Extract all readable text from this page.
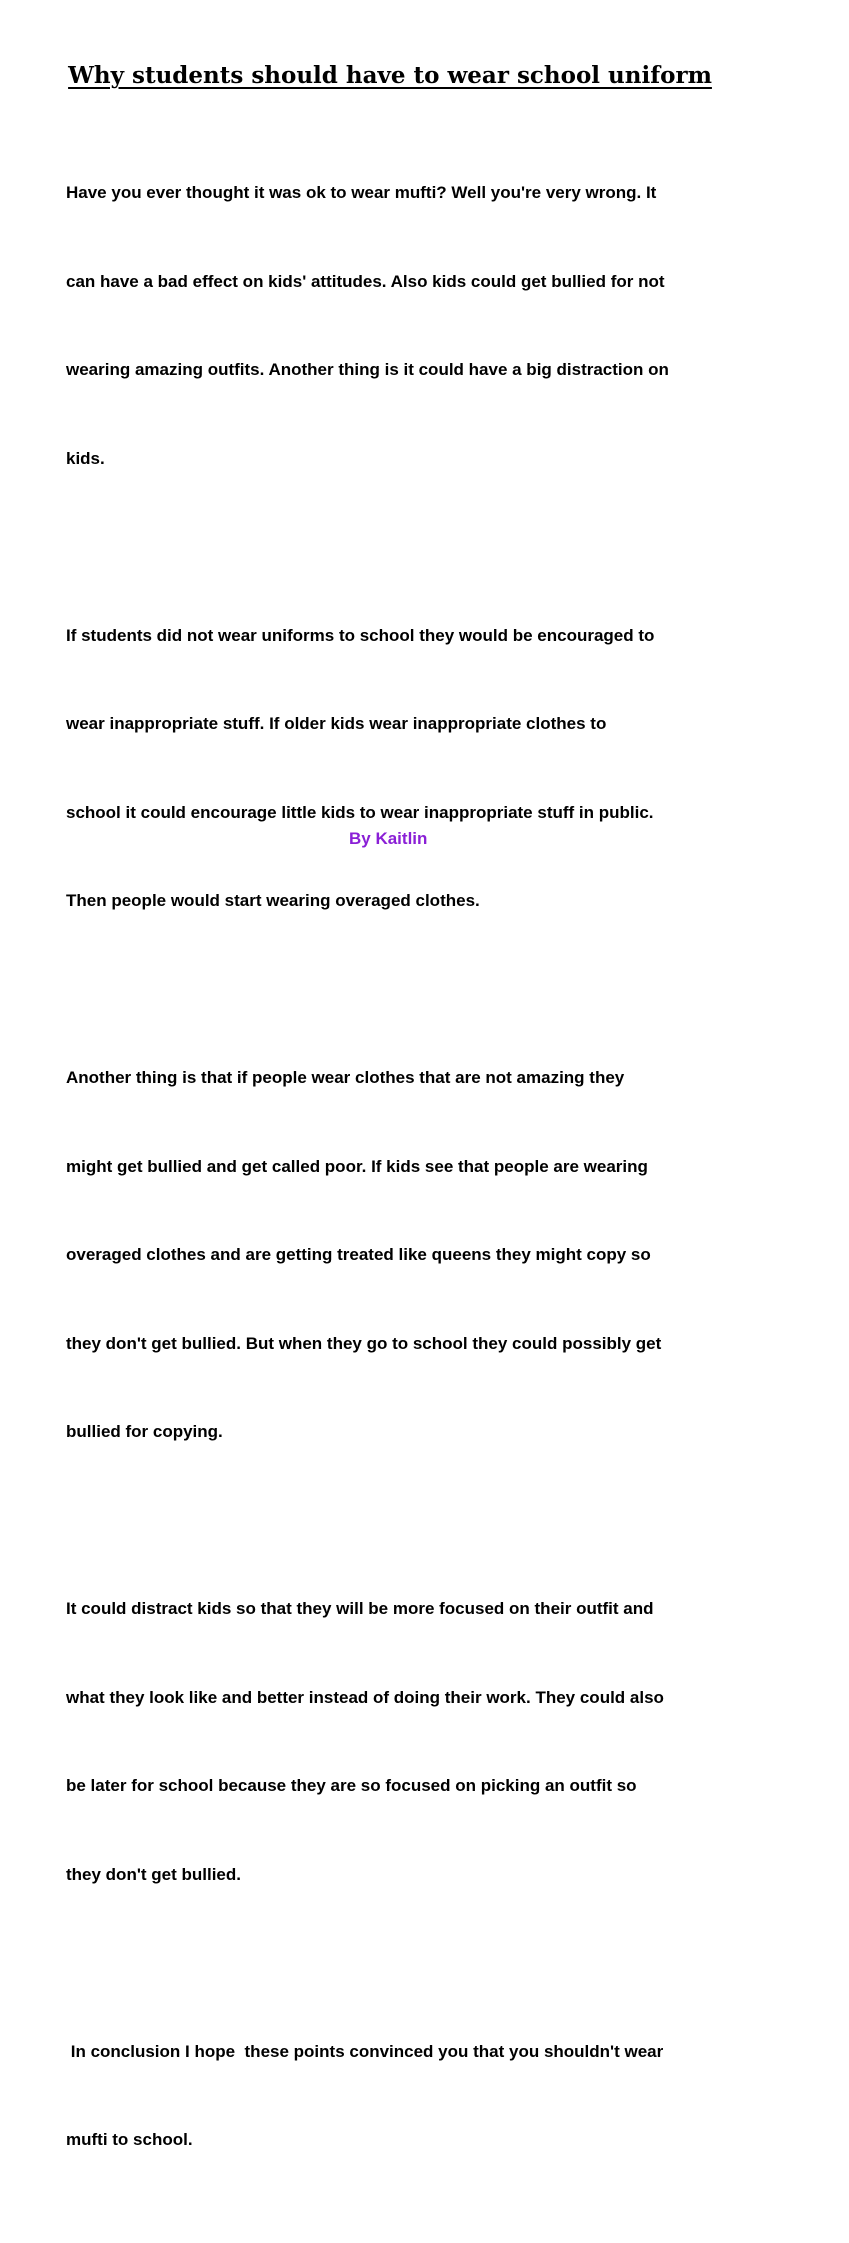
Why students should have to wear school uniform

Have you ever thought it was ok to wear mufti? Well you're very wrong. It

can have a bad effect on kids' attitudes. Also kids could get bullied for not

wearing amazing outfits. Another thing is it could have a big distraction on

kids.

If students did not wear uniforms to school they would be encouraged to

wear inappropriate stuff. If older kids wear inappropriate clothes to

school it could encourage little kids to wear inappropriate stuff in public.

Then people would start wearing overaged clothes.

Another thing is that if people wear clothes that are not amazing they

might get bullied and get called poor. If kids see that people are wearing

overaged clothes and are getting treated like queens they might copy so

they don't get bullied. But when they go to school they could possibly get

bullied for copying.

It could distract kids so that they will be more focused on their outfit and

what they look like and better instead of doing their work. They could also

be later for school because they are so focused on picking an outfit so

they don't get bullied.

In conclusion I hope  these points convinced you that you shouldn't wear

mufti to school.

By Kaitlin
